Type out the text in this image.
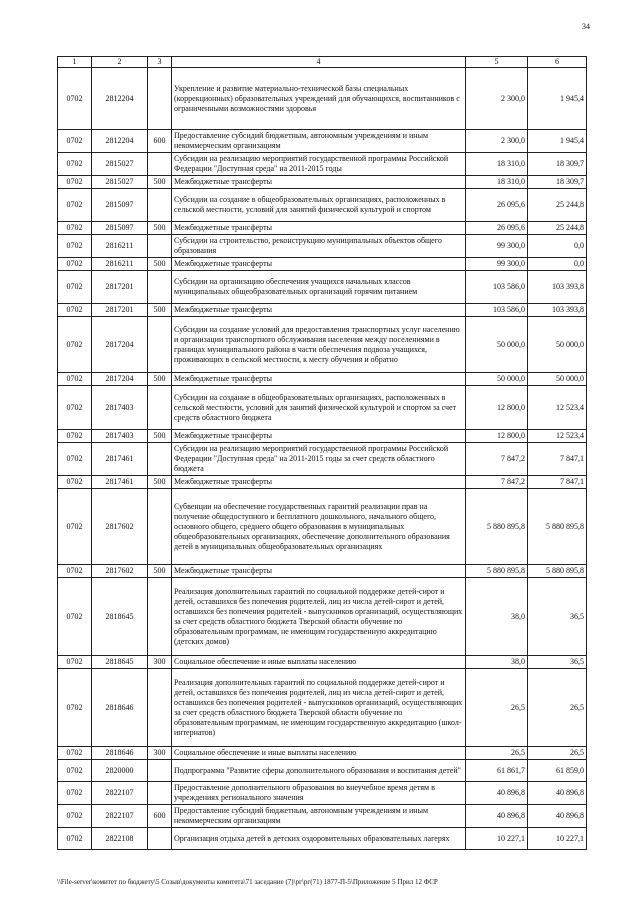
34
1	2	3	4	5	6
0702	2812204		Укрепление и развитие материально-технической базы специальных (коррекционных) образовательных учреждений для обучающихся, воспитанников с ограниченными возможностями здоровья	2 300,0	1 945,4
0702	2812204	600	Предоставление субсидий бюджетным, автономным учреждениям и иным некоммерческим организациям	2 300,0	1 945,4
0702	2815027		Субсидии на реализацию мероприятий государственной программы Российской Федерации "Доступная среда" на 2011-2015 годы	18 310,0	18 309,7
0702	2815027	500	Межбюджетные трансферты	18 310,0	18 309,7
0702	2815097		Субсидии на создание в общеобразовательных организациях, расположенных в сельской местности, условий для занятий физической культурой и спортом	26 095,6	25 244,8
0702	2815097	500	Межбюджетные трансферты	26 095,6	25 244,8
0702	2816211		Субсидии на строительство, реконструкцию муниципальных объектов общего образования	99 300,0	0,0
0702	2816211	500	Межбюджетные трансферты	99 300,0	0,0
0702	2817201		Субсидии на организацию обеспечения учащихся начальных классов муниципальных общеобразовательных организаций горячим питанием	103 586,0	103 393,8
0702	2817201	500	Межбюджетные трансферты	103 586,0	103 393,8
0702	2817204		Субсидии на создание условий для предоставления транспортных услуг населению и организации транспортного обслуживания населения между поселениями в границах муниципального района в части обеспечения подвоза учащихся, проживающих в сельской местности, к месту обучения и обратно	50 000,0	50 000,0
0702	2817204	500	Межбюджетные трансферты	50 000,0	50 000,0
0702	2817403		Субсидии на создание в общеобразовательных организациях, расположенных в сельской местности, условий для занятий физической культурой и спортом за счет средств областного бюджета	12 800,0	12 523,4
0702	2817403	500	Межбюджетные трансферты	12 800,0	12 523,4
0702	2817461		Субсидии на реализацию мероприятий государственной программы Российской Федерации "Доступная среда" на 2011-2015 годы за счет средств областного бюджета	7 847,2	7 847,1
0702	2817461	500	Межбюджетные трансферты	7 847,2	7 847,1
0702	2817602		Субвенции на обеспечение государственных гарантий реализации прав на получение общедоступного и бесплатного дошкольного, начального общего, основного общего, среднего общего образования в муниципальных общеобразовательных организациях, обеспечение дополнительного образования детей в муниципальных общеобразовательных организациях	5 880 895,8	5 880 895,8
0702	2817602	500	Межбюджетные трансферты	5 880 895,8	5 880 895,8
0702	2818645		Реализация дополнительных гарантий по социальной поддержке детей-сирот и детей, оставшихся без попечения родителей, лиц из числа детей-сирот и детей, оставшихся без попечения родителей - выпускников организаций, осуществляющих за счет средств областного бюджета Тверской области обучение по образовательным программам, не имеющим государственную аккредитацию (детских домов)	38,0	36,5
0702	2818645	300	Социальное обеспечение и иные выплаты населению	38,0	36,5
0702	2818646		Реализация дополнительных гарантий по социальной поддержке детей-сирот и детей, оставшихся без попечения родителей, лиц из числа детей-сирот и детей, оставшихся без попечения родителей - выпускников организаций, осуществляющих за счет средств областного бюджета Тверской области обучение по образовательным программам, не имеющим государственную аккредитацию (школ-интернатов)	26,5	26,5
0702	2818646	300	Социальное обеспечение и иные выплаты населению	26,5	26,5
0702	2820000		Подпрограмма "Развитие сферы дополнительного образования и воспитания детей"	61 861,7	61 859,0
0702	2822107		Предоставление дополнительного образования во внеучебное время детям в учреждениях регионального значения	40 896,8	40 896,8
0702	2822107	600	Предоставление субсидий бюджетным, автономным учреждениям и иным некоммерческим организациям	40 896,8	40 896,8
0702	2822108		Организация отдыха детей в детских оздоровительных образовательных лагерях	10 227,1	10 227,1
\\File-server\комитет по бюджету\5 Созыв\документы комитета\71 заседание (7)\рг\рг(71) 1877-П-5\Приложение 5 Прил 12 ФСР
